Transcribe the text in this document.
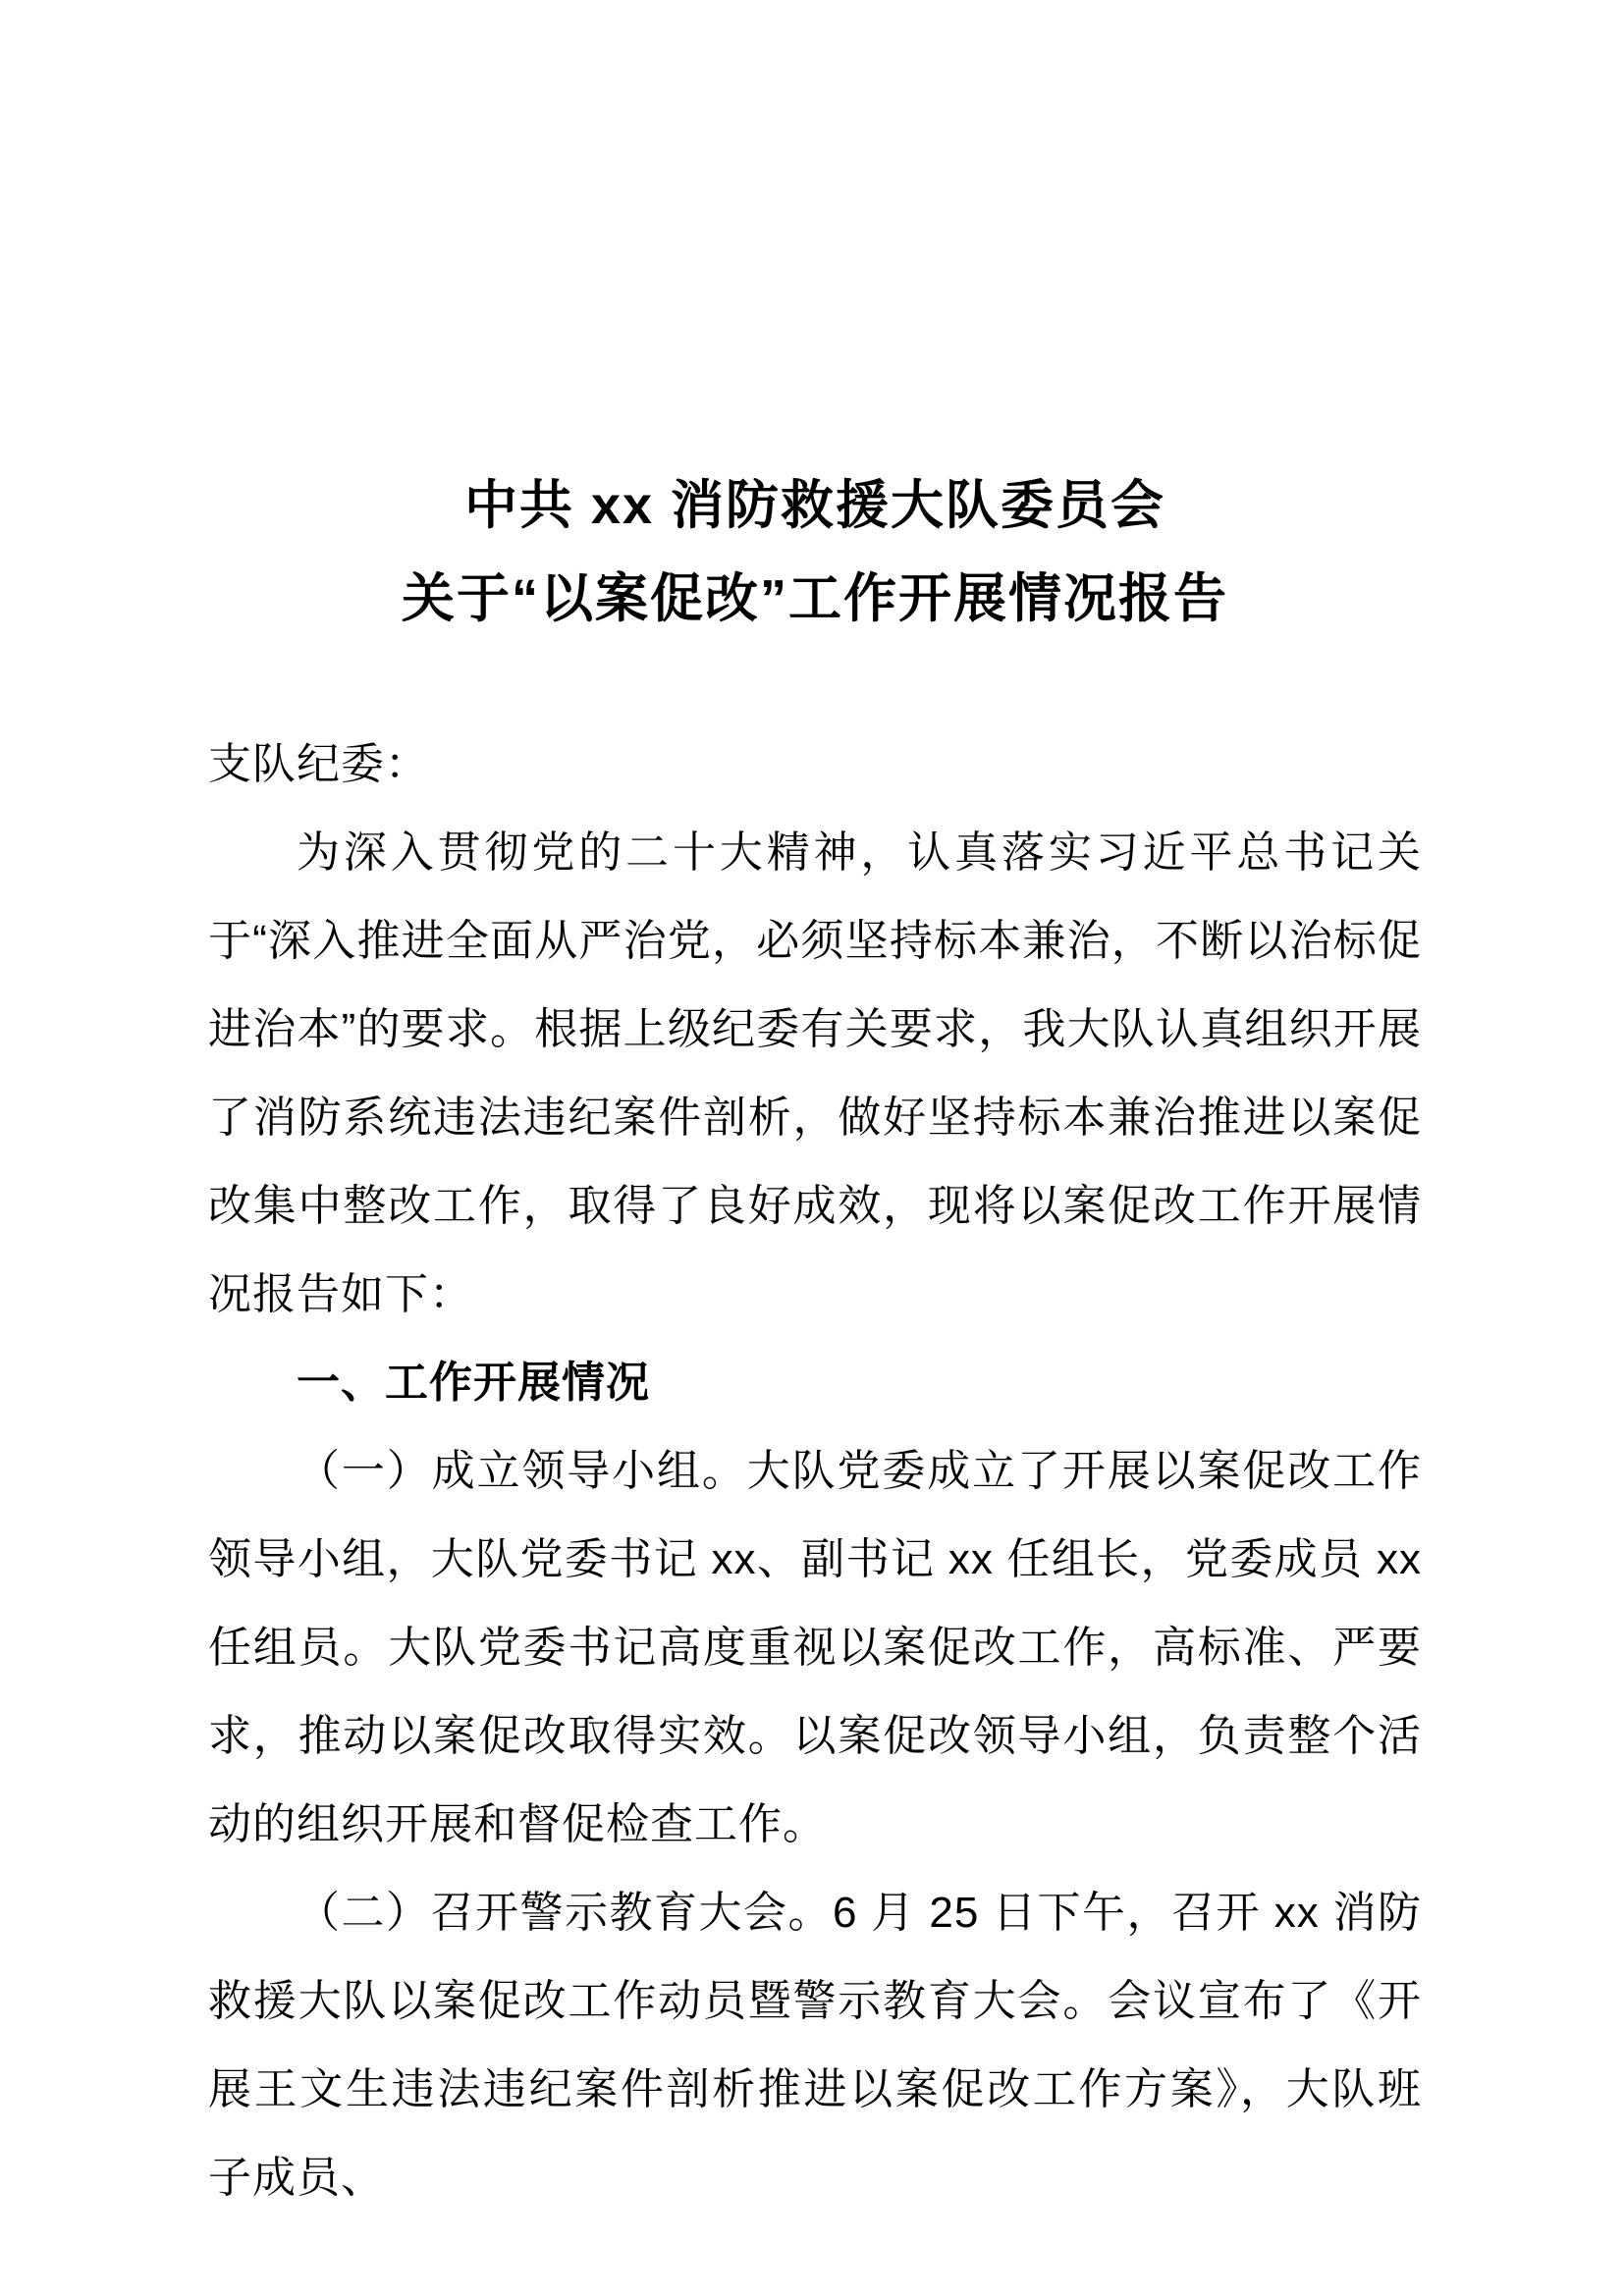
中共 xx 消防救援大队委员会
关于“以案促改”工作开展情况报告

支队纪委：

为深入贯彻党的二十大精神，认真落实习近平总书记关于“深入推进全面从严治党，必须坚持标本兼治，不断以治标促进治本”的要求。根据上级纪委有关要求，我大队认真组织开展了消防系统违法违纪案件剖析，做好坚持标本兼治推进以案促改集中整改工作，取得了良好成效，现将以案促改工作开展情况报告如下：

一、工作开展情况

（一）成立领导小组。大队党委成立了开展以案促改工作领导小组，大队党委书记 xx、副书记 xx 任组长，党委成员 xx 任组员。大队党委书记高度重视以案促改工作，高标准、严要求，推动以案促改取得实效。以案促改领导小组，负责整个活动的组织开展和督促检查工作。

（二）召开警示教育大会。6 月 25 日下午，召开 xx 消防救援大队以案促改工作动员暨警示教育大会。会议宣布了《开展王文生违法违纪案件剖析推进以案促改工作方案》，大队班子成员、
